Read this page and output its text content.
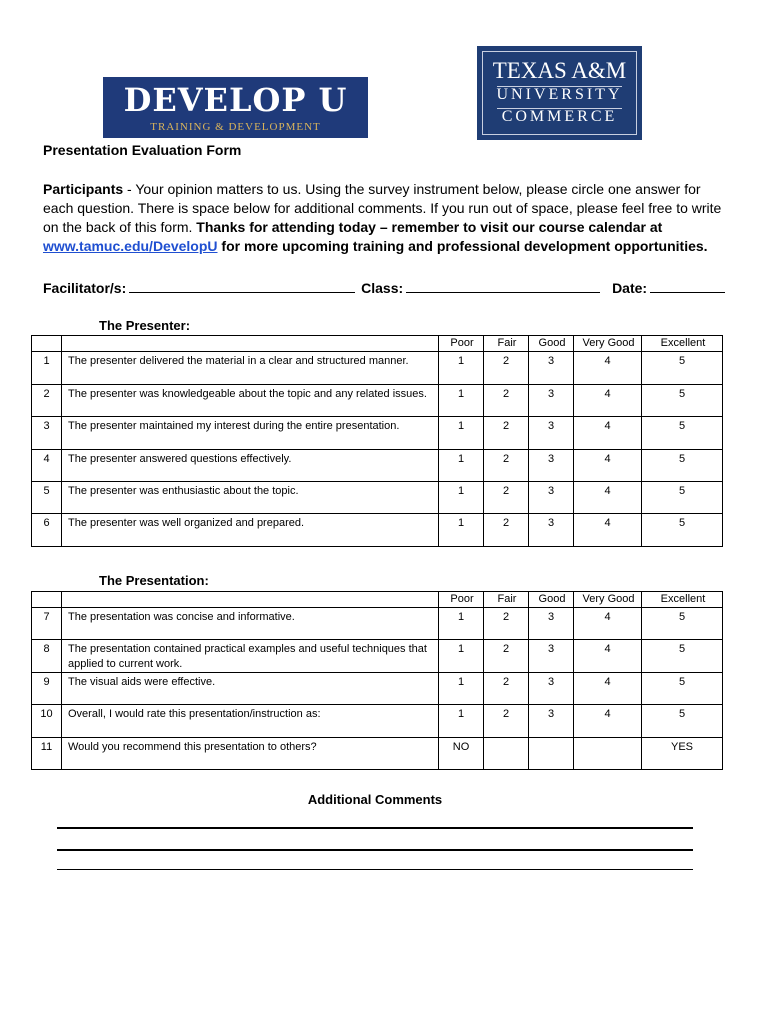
DEVELOP U
TRAINING & DEVELOPMENT
TEXAS A&M
UNIVERSITY
COMMERCE
Presentation Evaluation Form
Participants - Your opinion matters to us. Using the survey instrument below, please circle one answer for each question. There is space below for additional comments. If you run out of space, please feel free to write on the back of this form. Thanks for attending today – remember to visit our course calendar at
www.tamuc.edu/DevelopU for more upcoming training and professional development opportunities.
Facilitator/s:	Class:	Date:
The Presenter:
		Poor	Fair	Good	Very Good	Excellent
1	The presenter delivered the material in a clear and structured manner.	1	2	3	4	5
2	The presenter was knowledgeable about the topic and any related issues.	1	2	3	4	5
3	The presenter maintained my interest during the entire presentation.	1	2	3	4	5
4	The presenter answered questions effectively.	1	2	3	4	5
5	The presenter was enthusiastic about the topic.	1	2	3	4	5
6	The presenter was well organized and prepared.	1	2	3	4	5
The Presentation:
		Poor	Fair	Good	Very Good	Excellent
7	The presentation was concise and informative.	1	2	3	4	5
8	The presentation contained practical examples and useful techniques that applied to current work.	1	2	3	4	5
9	The visual aids were effective.	1	2	3	4	5
10	Overall, I would rate this presentation/instruction as:	1	2	3	4	5
11	Would you recommend this presentation to others?	NO				YES
Additional Comments
